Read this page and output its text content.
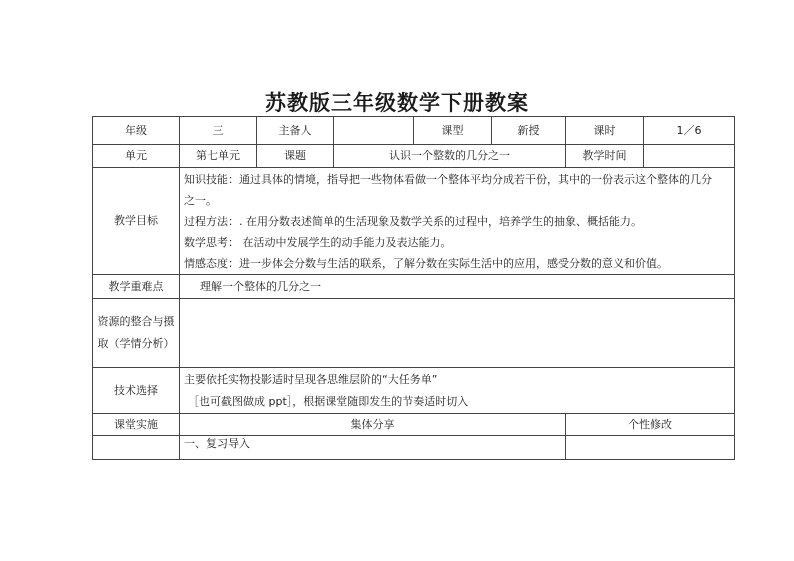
苏教版三年级数学下册教案
年级	三	主备人		课型	新授	课时	1／6
单元	第七单元	课题	认识一个整数的几分之一			教学时间	
教学目标	知识技能：通过具体的情境，指导把一些物体看做一个整体平均分成若干份，其中的一份表示这个整体的几分
之一。
过程方法：. 在用分数表述简单的生活现象及数学关系的过程中，培养学生的抽象、概括能力。
数学思考： 在活动中发展学生的动手能力及表达能力。
情感态度：进一步体会分数与生活的联系，了解分数在实际生活中的应用，感受分数的意义和价值。						

教学重难点	理解一个整体的几分之一						
资源的整合与摄取（学情分析）							
技术选择	主要依托实物投影适时呈现各思维层阶的“大任务单”
［也可截图做成 ppt］，根据课堂随即发生的节奏适时切入						

课堂实施	集体分享					个性修改	
	一、复习导入						
